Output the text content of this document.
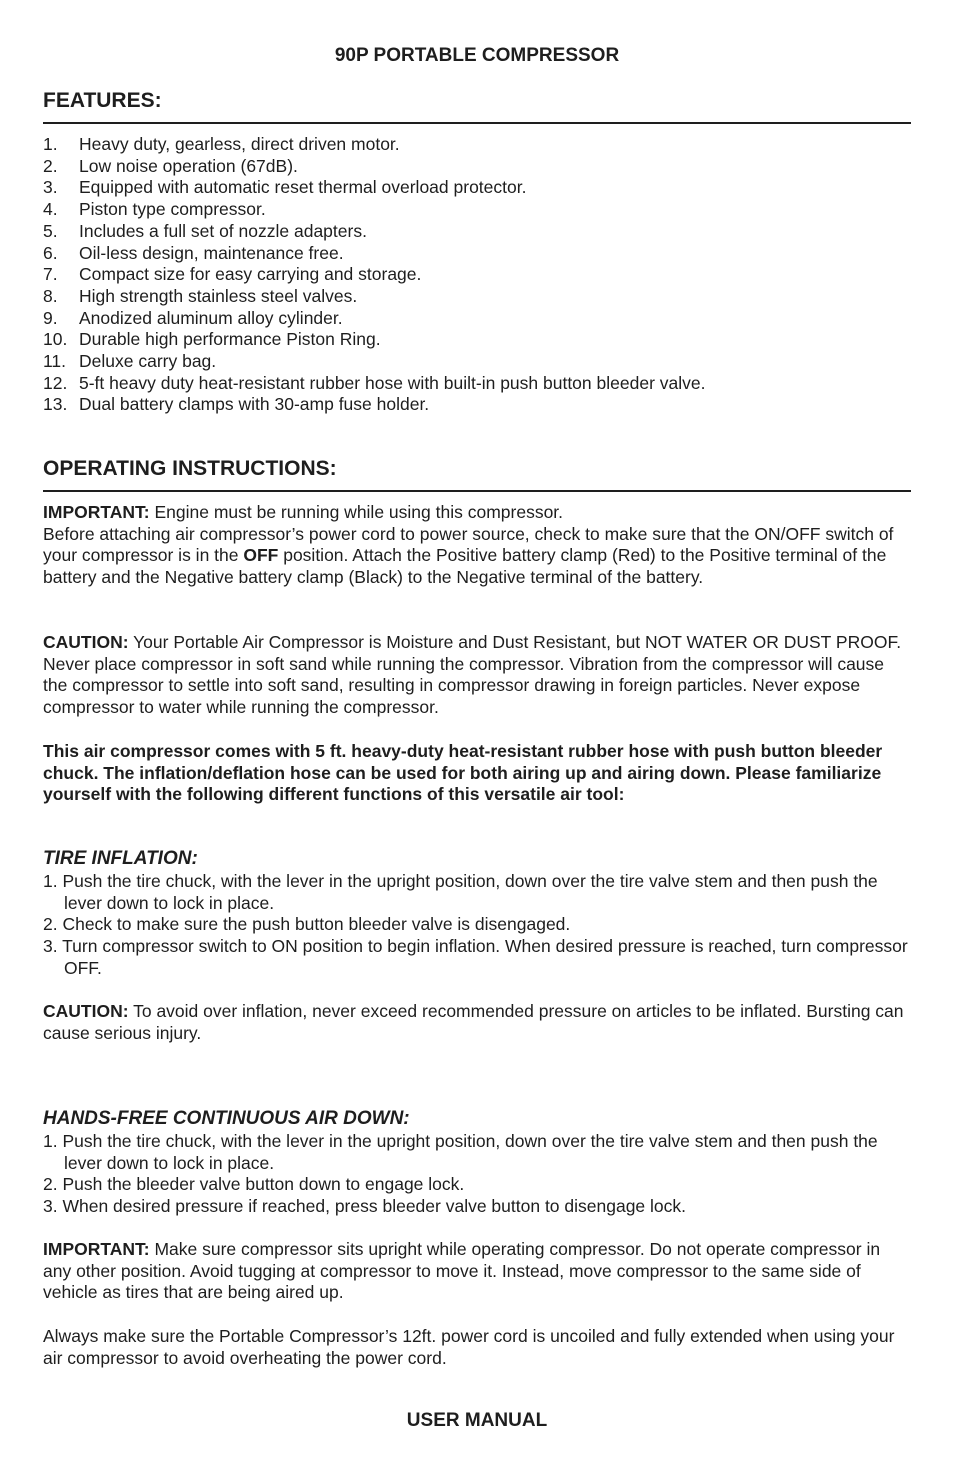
90P PORTABLE COMPRESSOR
FEATURES:
1.	Heavy duty, gearless, direct driven motor.
2.	Low noise operation (67dB).
3.	Equipped with automatic reset thermal overload protector.
4.	Piston type compressor.
5.	Includes a full set of nozzle adapters.
6.	Oil-less design, maintenance free.
7.	Compact size for easy carrying and storage.
8.	High strength stainless steel valves.
9.	Anodized aluminum alloy cylinder.
10. Durable high performance Piston Ring.
11. Deluxe carry bag.
12. 5-ft heavy duty heat-resistant rubber hose with built-in push button bleeder valve.
13. Dual battery clamps with 30-amp fuse holder.
OPERATING INSTRUCTIONS:

IMPORTANT: Engine must be running while using this compressor.

Before attaching air compressor’s power cord to power source, check to make sure that the ON/OFF switch of your compressor is in the OFF position. Attach the Positive battery clamp (Red) to the Positive terminal of the battery and the Negative battery clamp (Black) to the Negative terminal of the battery.

CAUTION: Your Portable Air Compressor is Moisture and Dust Resistant, but NOT WATER OR DUST PROOF. Never place compressor in soft sand while running the compressor. Vibration from the compressor will cause the compressor to settle into soft sand, resulting in compressor drawing in foreign particles. Never expose compressor to water while running the compressor.

This air compressor comes with 5 ft. heavy-duty heat-resistant rubber hose with push button bleeder chuck. The inflation/deflation hose can be used for both airing up and airing down. Please familiarize yourself with the following different functions of this versatile air tool:

TIRE INFLATION:
1. Push the tire chuck, with the lever in the upright position, down over the tire valve stem and then push the lever down to lock in place.
2. Check to make sure the push button bleeder valve is disengaged.
3. Turn compressor switch to ON position to begin inflation. When desired pressure is reached, turn compressor OFF.

CAUTION: To avoid over inflation, never exceed recommended pressure on articles to be inflated. Bursting can cause serious injury.

HANDS-FREE CONTINUOUS AIR DOWN:
1. Push the tire chuck, with the lever in the upright position, down over the tire valve stem and then push the lever down to lock in place.
2. Push the bleeder valve button down to engage lock.
3. When desired pressure if reached, press bleeder valve button to disengage lock.

IMPORTANT: Make sure compressor sits upright while operating compressor. Do not operate compressor in any other position. Avoid tugging at compressor to move it. Instead, move compressor to the same side of vehicle as tires that are being aired up.

Always make sure the Portable Compressor’s 12ft. power cord is uncoiled and fully extended when using your air compressor to avoid overheating the power cord.

USER MANUAL
